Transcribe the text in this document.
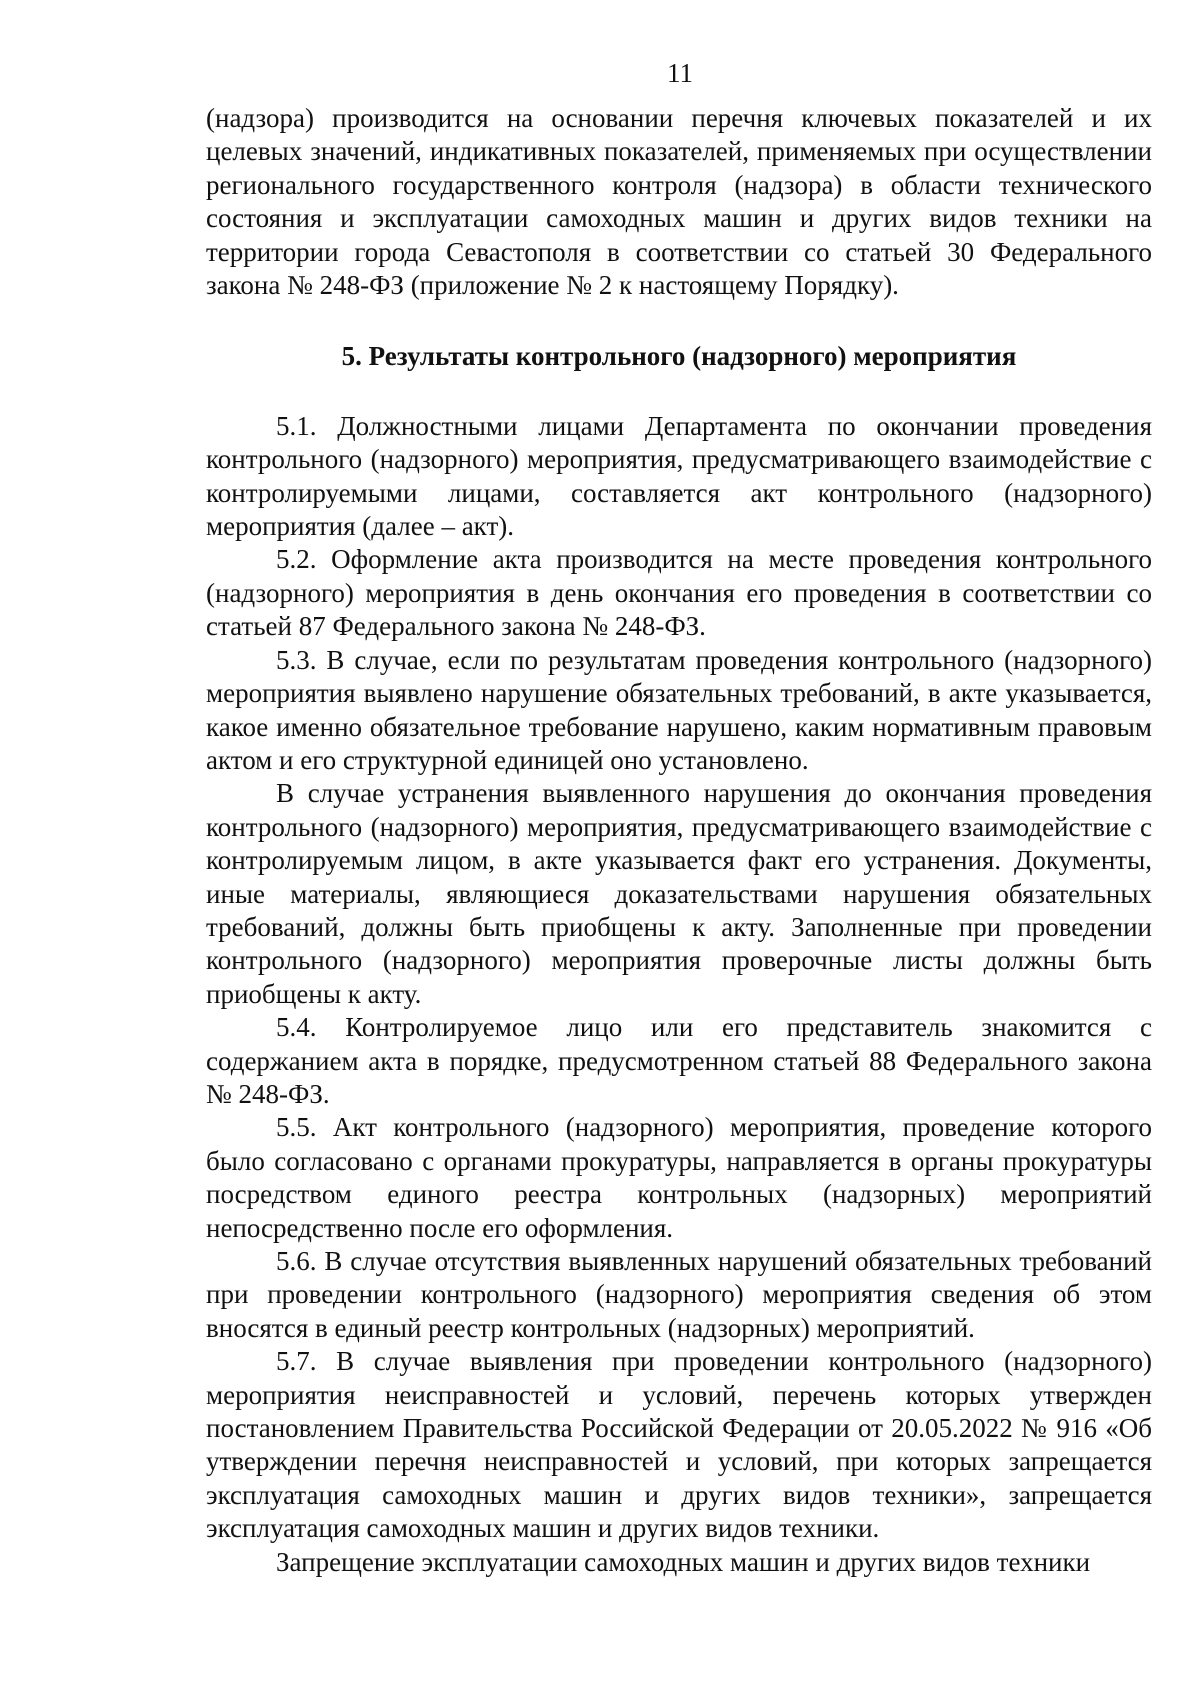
11

(надзора) производится на основании перечня ключевых показателей и их целевых значений, индикативных показателей, применяемых при осуществлении регионального государственного контроля (надзора) в области технического состояния и эксплуатации самоходных машин и других видов техники на территории города Севастополя в соответствии со статьей 30 Федерального закона № 248-ФЗ (приложение № 2 к настоящему Порядку).

5. Результаты контрольного (надзорного) мероприятия

5.1. Должностными лицами Департамента по окончании проведения контрольного (надзорного) мероприятия, предусматривающего взаимодействие с контролируемыми лицами, составляется акт контрольного (надзорного) мероприятия (далее – акт).

5.2. Оформление акта производится на месте проведения контрольного (надзорного) мероприятия в день окончания его проведения в соответствии со статьей 87 Федерального закона № 248-ФЗ.

5.3. В случае, если по результатам проведения контрольного (надзорного) мероприятия выявлено нарушение обязательных требований, в акте указывается, какое именно обязательное требование нарушено, каким нормативным правовым актом и его структурной единицей оно установлено.

В случае устранения выявленного нарушения до окончания проведения контрольного (надзорного) мероприятия, предусматривающего взаимодействие с контролируемым лицом, в акте указывается факт его устранения. Документы, иные материалы, являющиеся доказательствами нарушения обязательных требований, должны быть приобщены к акту. Заполненные при проведении контрольного (надзорного) мероприятия проверочные листы должны быть приобщены к акту.

5.4. Контролируемое лицо или его представитель знакомится с содержанием акта в порядке, предусмотренном статьей 88 Федерального закона № 248-ФЗ.

5.5. Акт контрольного (надзорного) мероприятия, проведение которого было согласовано с органами прокуратуры, направляется в органы прокуратуры посредством единого реестра контрольных (надзорных) мероприятий непосредственно после его оформления.

5.6. В случае отсутствия выявленных нарушений обязательных требований при проведении контрольного (надзорного) мероприятия сведения об этом вносятся в единый реестр контрольных (надзорных) мероприятий.

5.7. В случае выявления при проведении контрольного (надзорного) мероприятия неисправностей и условий, перечень которых утвержден постановлением Правительства Российской Федерации от 20.05.2022 № 916 «Об утверждении перечня неисправностей и условий, при которых запрещается эксплуатация самоходных машин и других видов техники», запрещается эксплуатация самоходных машин и других видов техники.

Запрещение эксплуатации самоходных машин и других видов техники
